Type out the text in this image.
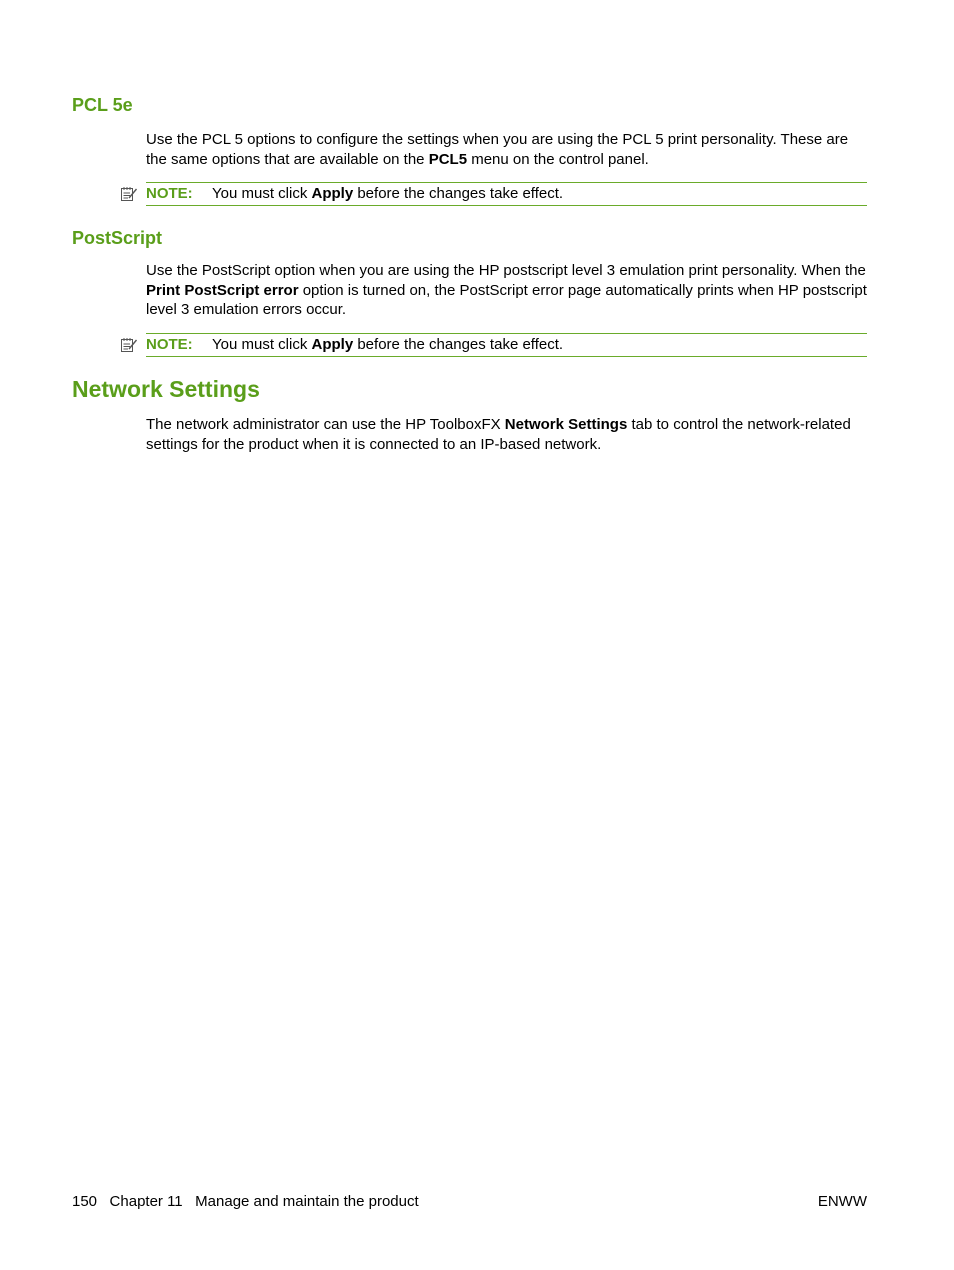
PCL 5e

Use the PCL 5 options to configure the settings when you are using the PCL 5 print personality. These are the same options that are available on the PCL5 menu on the control panel.

NOTE: You must click Apply before the changes take effect.
PostScript

Use the PostScript option when you are using the HP postscript level 3 emulation print personality. When the Print PostScript error option is turned on, the PostScript error page automatically prints when HP postscript level 3 emulation errors occur.

NOTE: You must click Apply before the changes take effect.
Network Settings

The network administrator can use the HP ToolboxFX Network Settings tab to control the network-related settings for the product when it is connected to an IP-based network.

150 Chapter 11 Manage and maintain the product	ENWW
